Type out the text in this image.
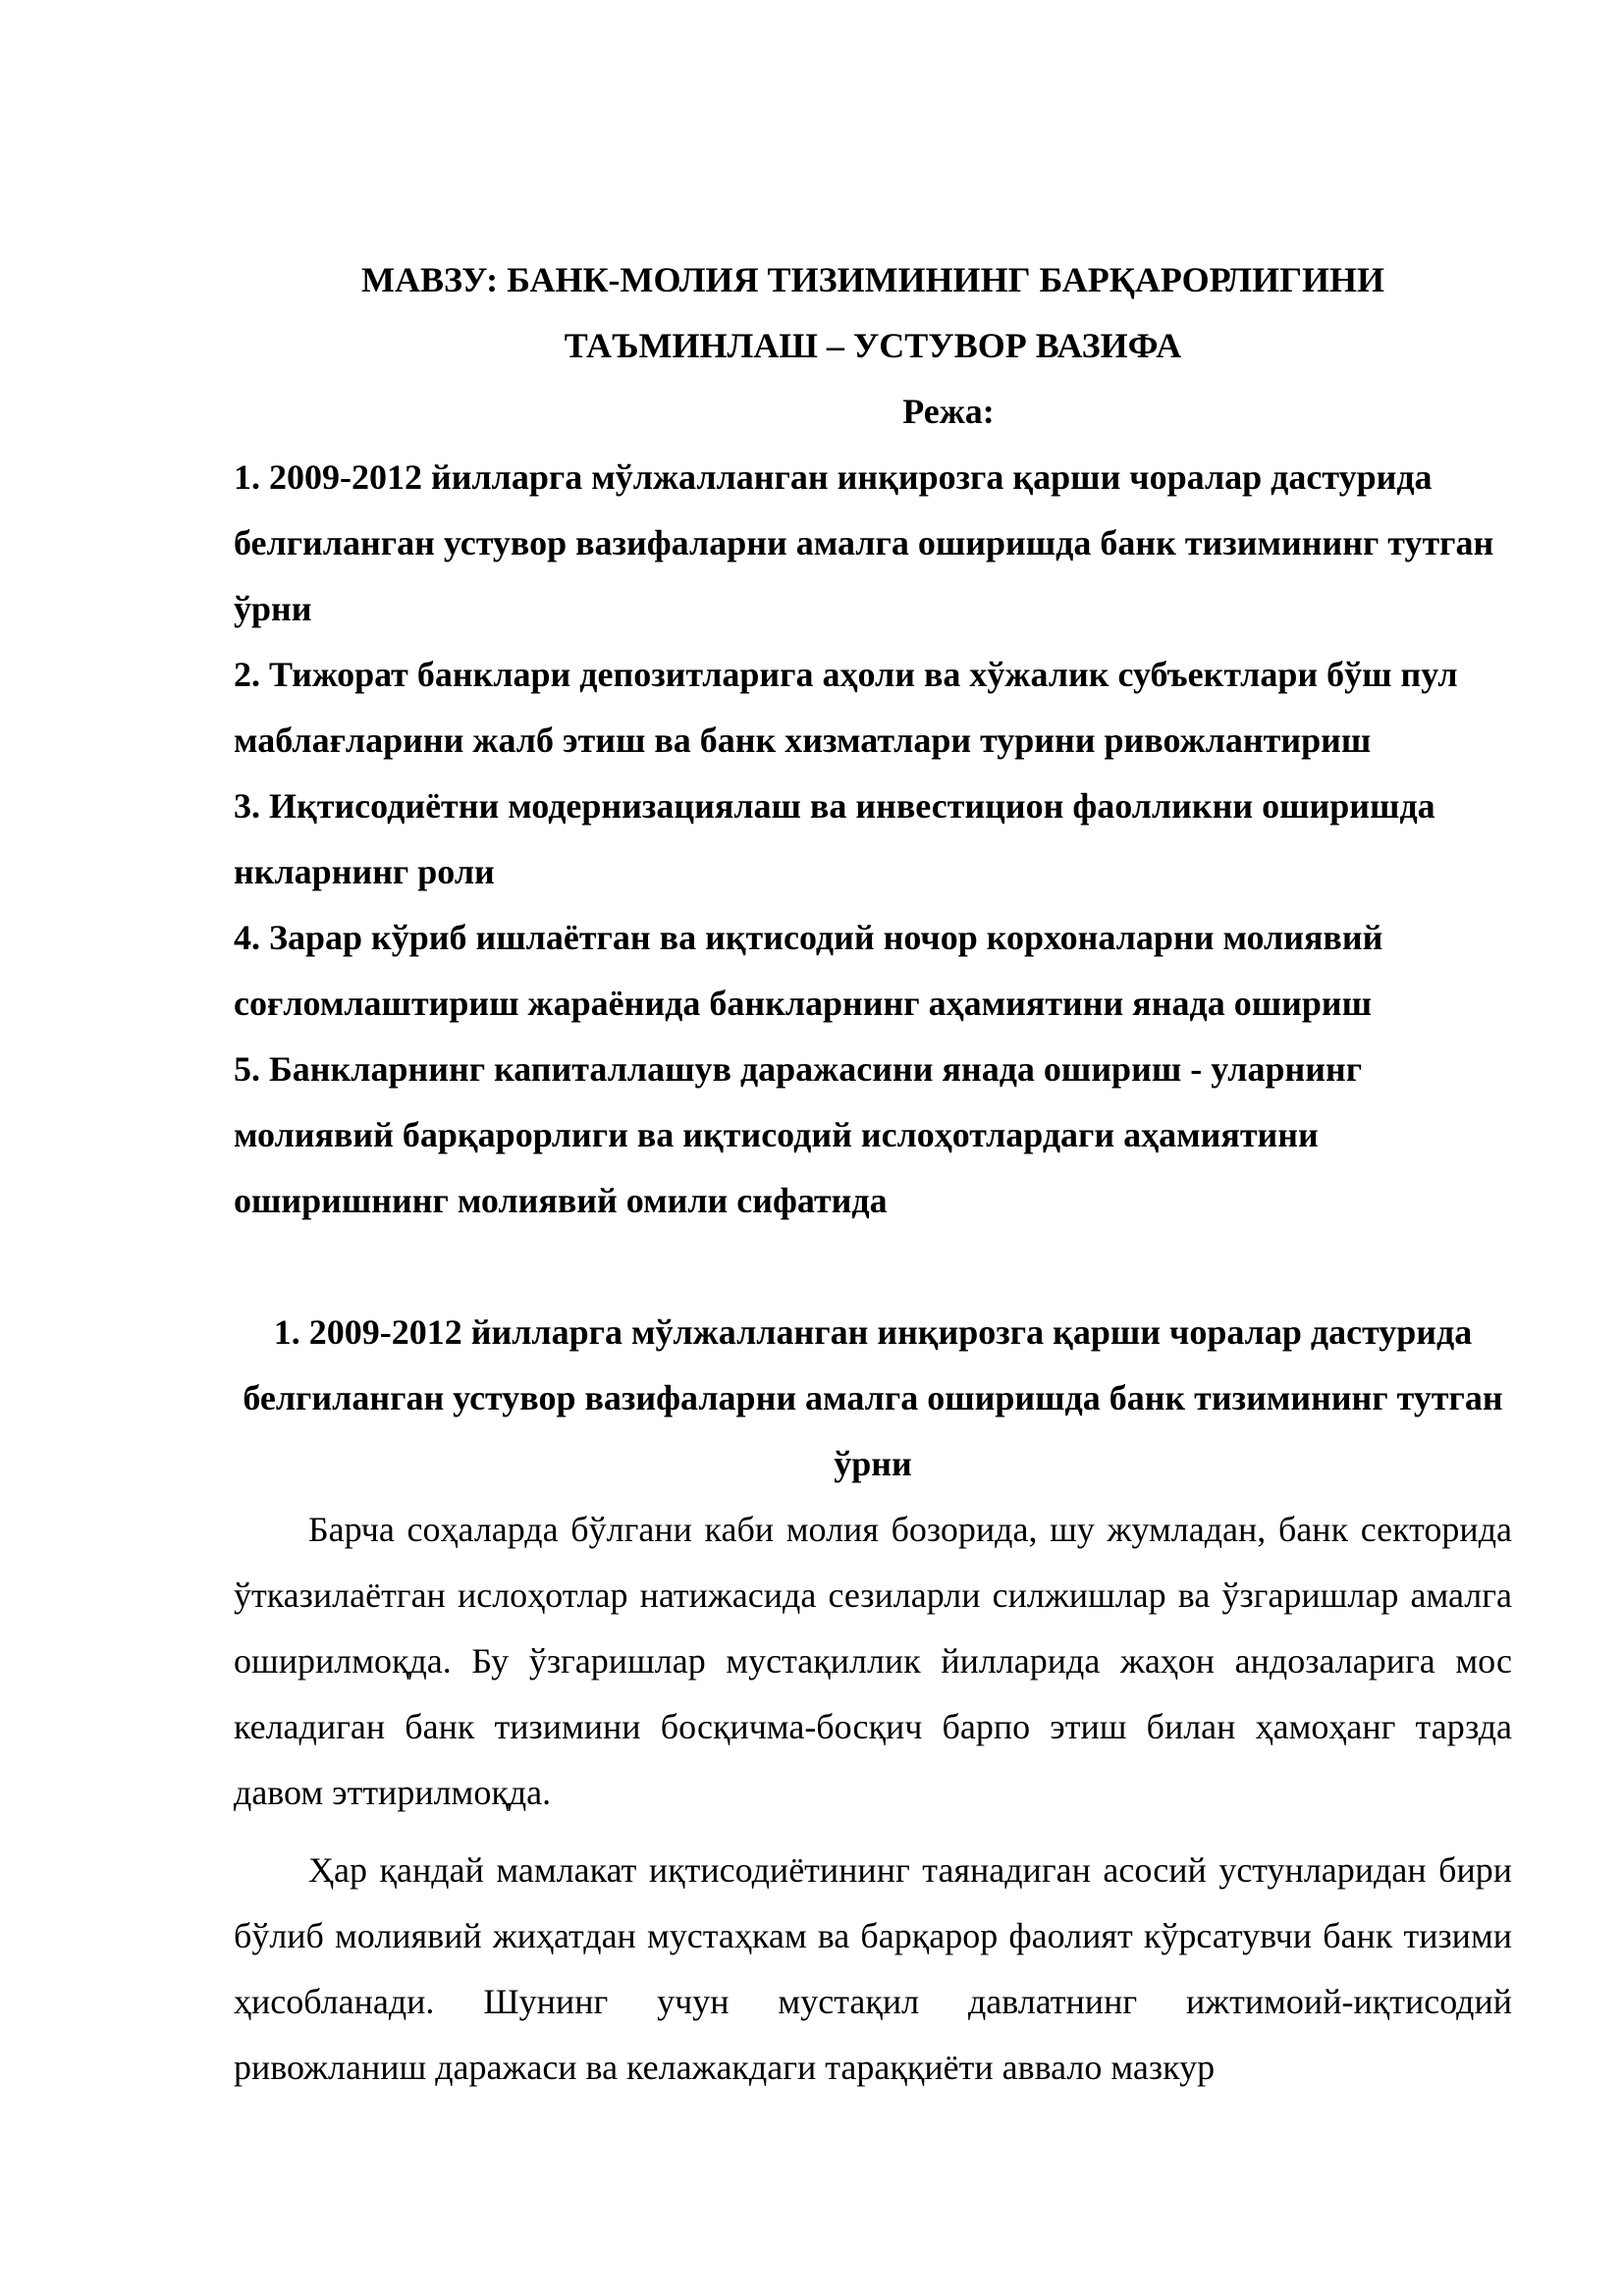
МАВЗУ: БАНК-МОЛИЯ ТИЗИМИНИНГ БАРҚАРОРЛИГИНИ
ТАЪМИНЛАШ – УСТУВОР ВАЗИФА
Режа:
1. 2009-2012 йилларга мўлжалланган инқирозга қарши чоралар дастурида белгиланган устувор вазифаларни амалга оширишда банк тизимининг тутган ўрни
2. Тижорат банклари депозитларига аҳоли ва хўжалик субъектлари бўш пул маблағларини жалб этиш ва банк хизматлари турини ривожлантириш
3. Иқтисодиётни модернизациялаш ва инвестицион фаолликни оширишда нкларнинг роли
4. Зарар кўриб ишлаётган ва иқтисодий ночор корхоналарни молиявий соғломлаштириш жараёнида банкларнинг аҳамиятини янада ошириш
5. Банкларнинг капиталлашув даражасини янада ошириш - уларнинг молиявий барқарорлиги ва иқтисодий ислоҳотлардаги аҳамиятини оширишнинг молиявий омили сифатида
1. 2009-2012 йилларга мўлжалланган инқирозга қарши чоралар дастурида белгиланган устувор вазифаларни амалга оширишда банк тизимининг тутган ўрни

Барча соҳаларда бўлгани каби молия бозорида, шу жумладан, банк секторида ўтказилаётган ислоҳотлар натижасида сезиларли силжишлар ва ўзгаришлар амалга оширилмоқда. Бу ўзгаришлар мустақиллик йилларида жаҳон андозаларига мос келадиган банк тизимини босқичма-босқич барпо этиш билан ҳамоҳанг тарзда давом эттирилмоқда.

Ҳар қандай мамлакат иқтисодиётининг таянадиган асосий устунларидан бири бўлиб молиявий жиҳатдан мустаҳкам ва барқарор фаолият кўрсатувчи банк тизими ҳисобланади. Шунинг учун мустақил давлатнинг ижтимоий-иқтисодий ривожланиш даражаси ва келажакдаги тараққиёти аввало мазкур
